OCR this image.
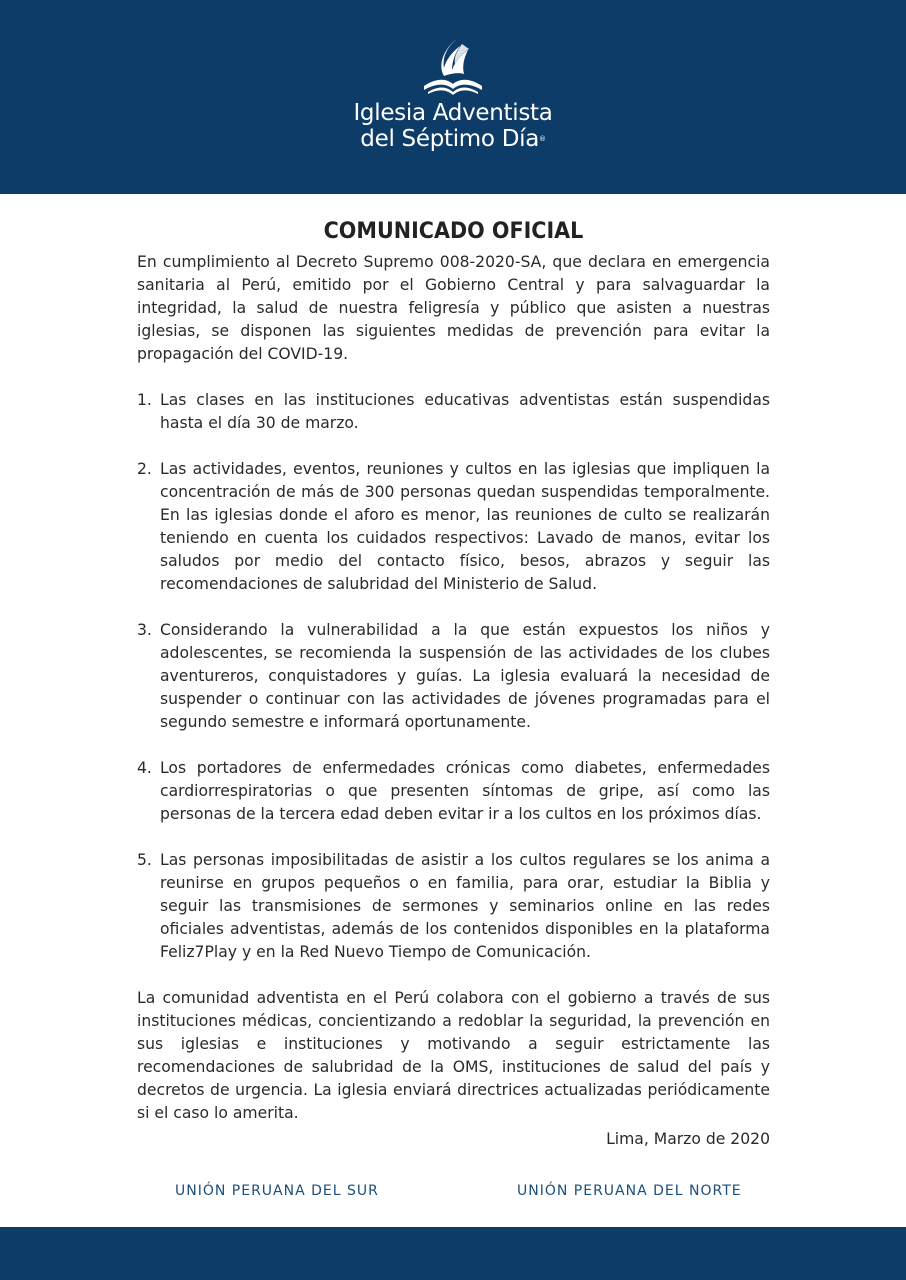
Iglesia Adventista
del Séptimo Día®
COMUNICADO OFICIAL

En cumplimiento al Decreto Supremo 008-2020-SA, que declara en emergencia sanitaria al Perú, emitido por el Gobierno Central y para salvaguardar la integridad, la salud de nuestra feligresía y público que asisten a nuestras iglesias, se disponen las siguientes medidas de prevención para evitar la propagación del COVID-19.

1. Las clases en las instituciones educativas adventistas están suspendidas hasta el día 30 de marzo.
2. Las actividades, eventos, reuniones y cultos en las iglesias que impliquen la concentración de más de 300 personas quedan suspendidas temporalmente. En las iglesias donde el aforo es menor, las reuniones de culto se realizarán teniendo en cuenta los cuidados respectivos: Lavado de manos, evitar los saludos por medio del contacto físico, besos, abrazos y seguir las recomendaciones de salubridad del Ministerio de Salud.
3. Considerando la vulnerabilidad a la que están expuestos los niños y adolescentes, se recomienda la suspensión de las actividades de los clubes aventureros, conquistadores y guías. La iglesia evaluará la necesidad de suspender o continuar con las actividades de jóvenes programadas para el segundo semestre e informará oportunamente.
4. Los portadores de enfermedades crónicas como diabetes, enfermedades cardiorrespiratorias o que presenten síntomas de gripe, así como las personas de la tercera edad deben evitar ir a los cultos en los próximos días.
5. Las personas imposibilitadas de asistir a los cultos regulares se los anima a reunirse en grupos pequeños o en familia, para orar, estudiar la Biblia y seguir las transmisiones de sermones y seminarios online en las redes oficiales adventistas, además de los contenidos disponibles en la plataforma Feliz7Play y en la Red Nuevo Tiempo de Comunicación.

La comunidad adventista en el Perú colabora con el gobierno a través de sus instituciones médicas, concientizando a redoblar la seguridad, la prevención en sus iglesias e instituciones y motivando a seguir estrictamente las recomendaciones de salubridad de la OMS, instituciones de salud del país y decretos de urgencia. La iglesia enviará directrices actualizadas periódicamente si el caso lo amerita.

Lima, Marzo de 2020

UNIÓN PERUANA DEL SUR	UNIÓN PERUANA DEL NORTE
